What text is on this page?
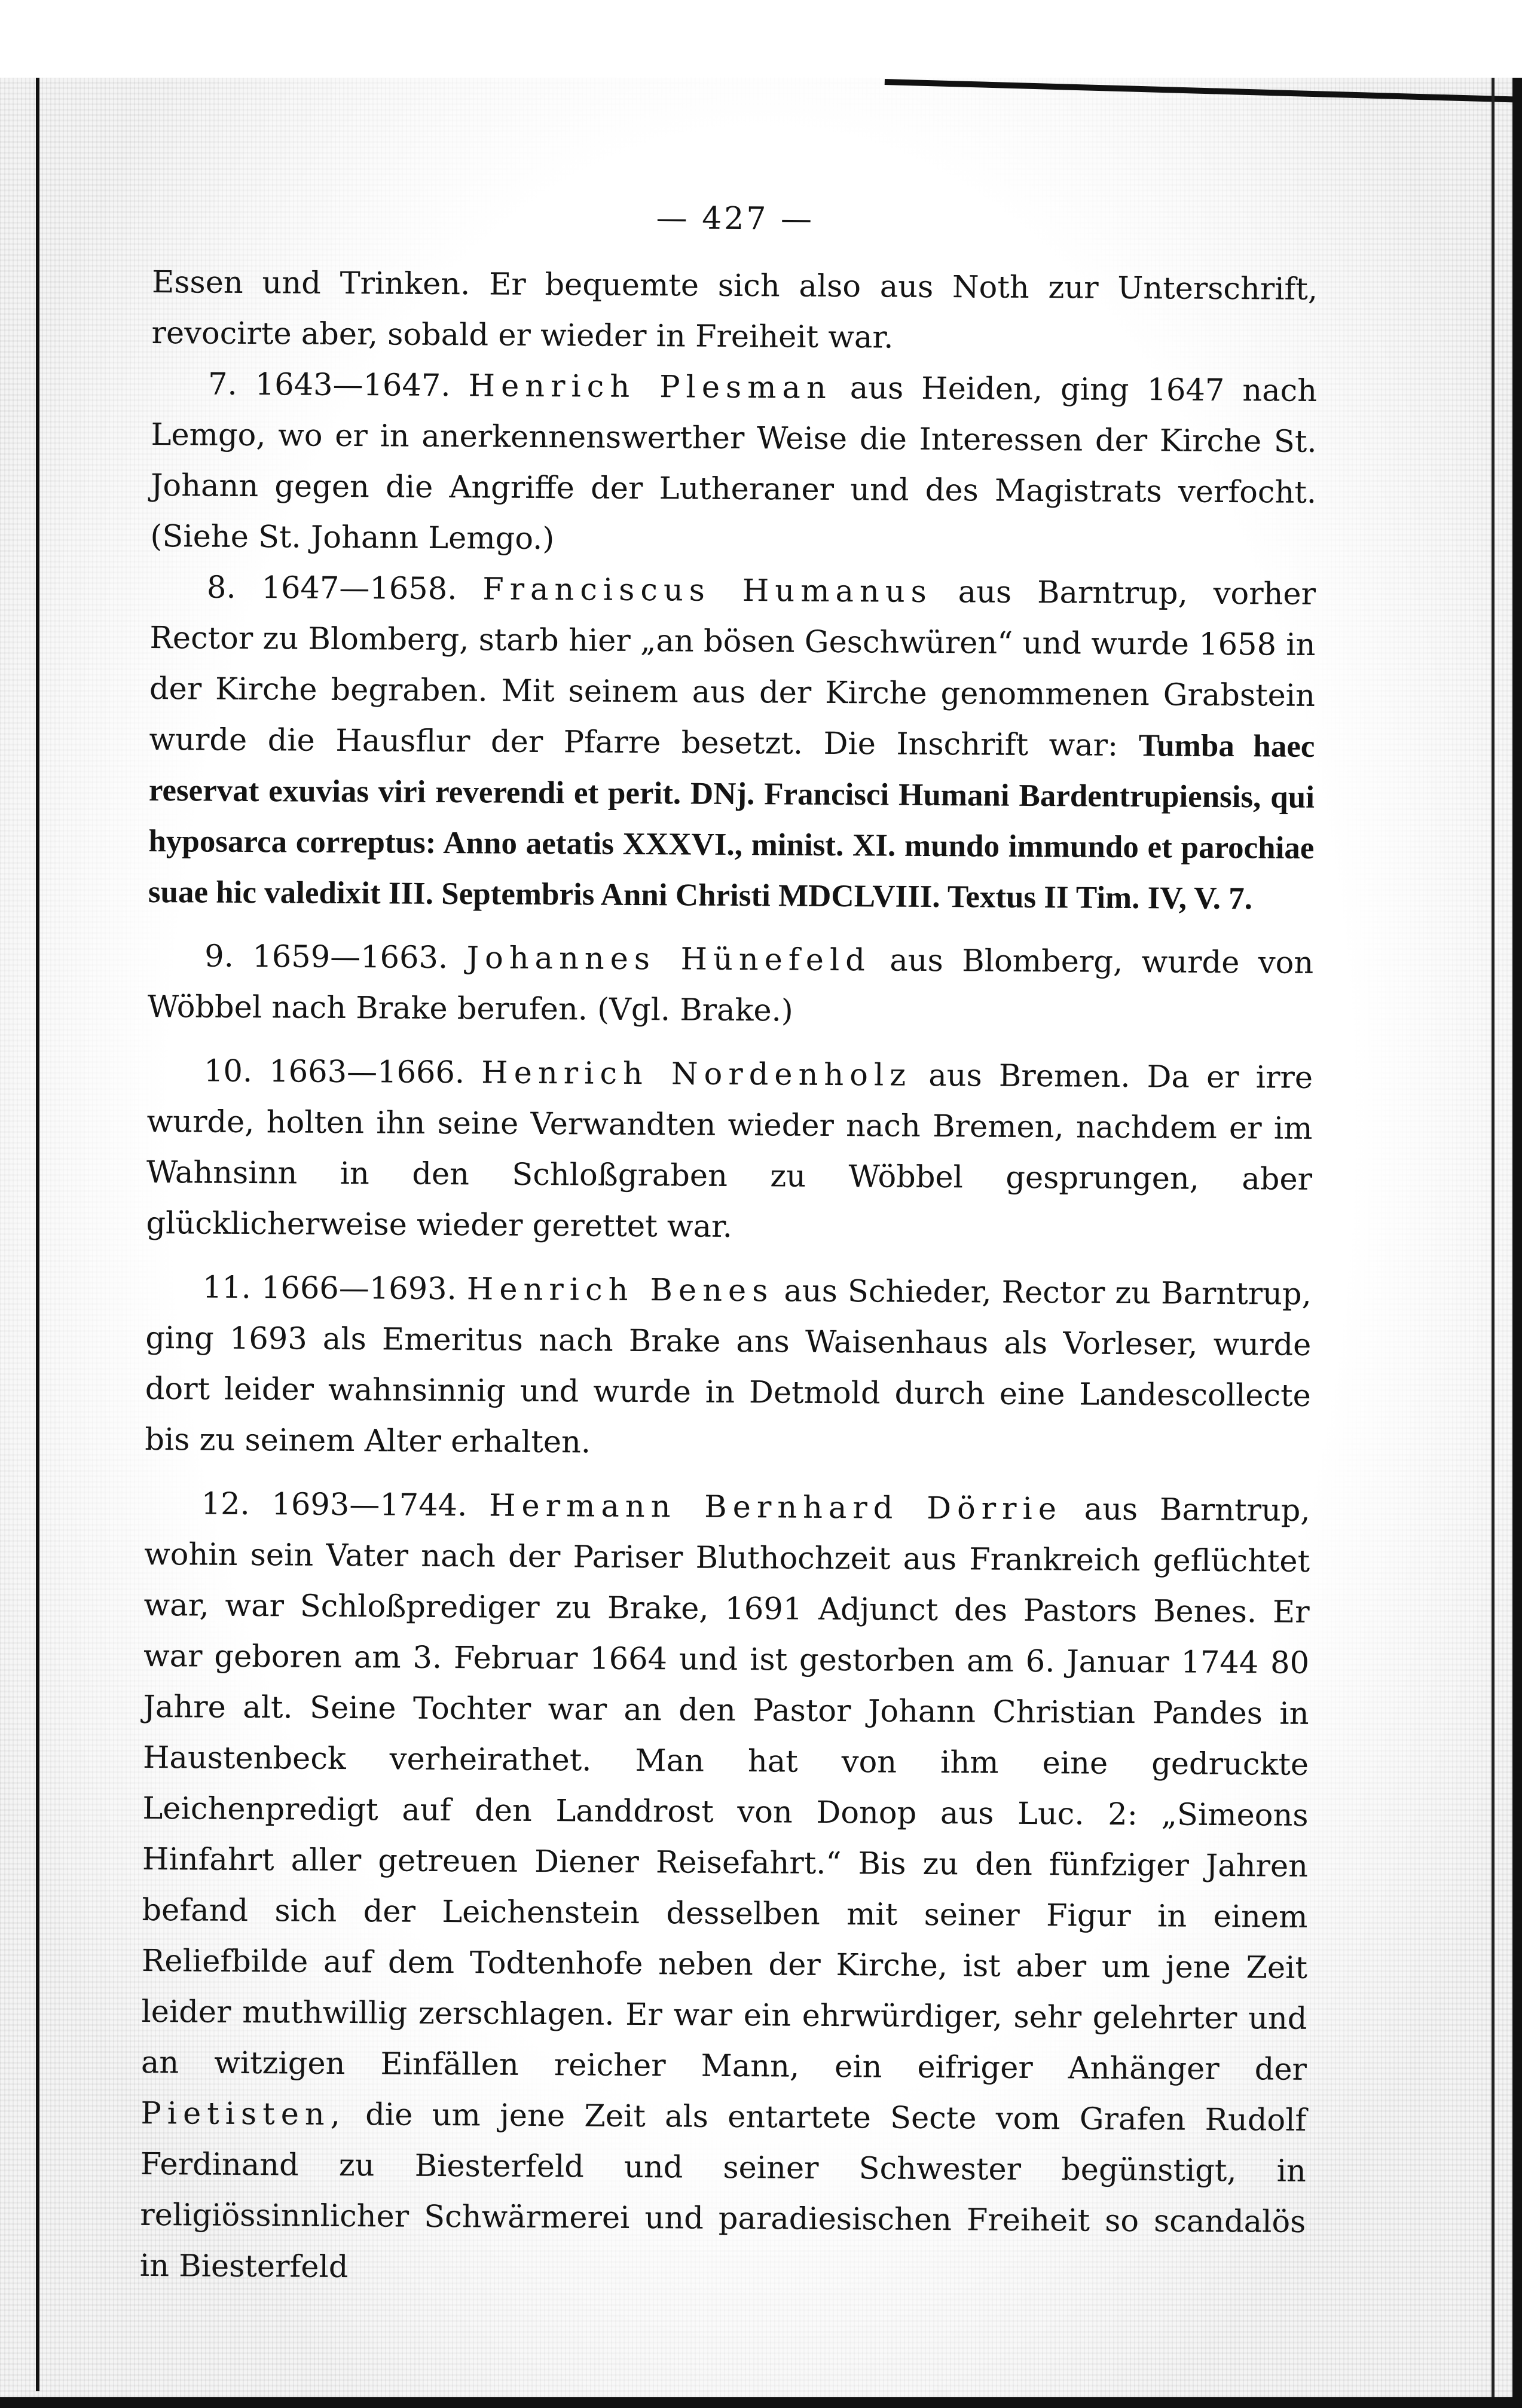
— 427 —

Essen und Trinken. Er bequemte sich also aus Noth zur Unterschrift, revocirte aber, sobald er wieder in Freiheit war.

7. 1643—1647. Henrich Plesman aus Heiden, ging 1647 nach Lemgo, wo er in anerkennenswerther Weise die Interessen der Kirche St. Johann gegen die Angriffe der Lutheraner und des Magistrats verfocht. (Siehe St. Johann Lemgo.)

8. 1647—1658. Franciscus Humanus aus Barntrup, vorher Rector zu Blomberg, starb hier „an bösen Geschwüren“ und wurde 1658 in der Kirche begraben. Mit seinem aus der Kirche genommenen Grabstein wurde die Hausflur der Pfarre besetzt. Die Inschrift war: Tumba haec reservat exuvias viri reverendi et perit. DNj. Francisci Humani Bardentrupiensis, qui hyposarca correptus: Anno aetatis XXXVI., minist. XI. mundo immundo et parochiae suae hic valedixit III. Septembris Anni Christi MDCLVIII. Textus II Tim. IV, V. 7.

9. 1659—1663. Johannes Hünefeld aus Blomberg, wurde von Wöbbel nach Brake berufen. (Vgl. Brake.)

10. 1663—1666. Henrich Nordenholz aus Bremen. Da er irre wurde, holten ihn seine Verwandten wieder nach Bremen, nachdem er im Wahnsinn in den Schloßgraben zu Wöbbel gesprungen, aber glücklicherweise wieder gerettet war.

11. 1666—1693. Henrich Benes aus Schieder, Rector zu Barntrup, ging 1693 als Emeritus nach Brake ans Waisenhaus als Vorleser, wurde dort leider wahnsinnig und wurde in Detmold durch eine Landescollecte bis zu seinem Alter erhalten.

12. 1693—1744. Hermann Bernhard Dörrie aus Barntrup, wohin sein Vater nach der Pariser Bluthochzeit aus Frankreich geflüchtet war, war Schloßprediger zu Brake, 1691 Adjunct des Pastors Benes. Er war geboren am 3. Februar 1664 und ist gestorben am 6. Januar 1744 80 Jahre alt. Seine Tochter war an den Pastor Johann Christian Pandes in Haustenbeck verheirathet. Man hat von ihm eine gedruckte Leichenpredigt auf den Landdrost von Donop aus Luc. 2: „Simeons Hinfahrt aller getreuen Diener Reisefahrt.“ Bis zu den fünfziger Jahren befand sich der Leichenstein desselben mit seiner Figur in einem Reliefbilde auf dem Todtenhofe neben der Kirche, ist aber um jene Zeit leider muthwillig zerschlagen. Er war ein ehrwürdiger, sehr gelehrter und an witzigen Einfällen reicher Mann, ein eifriger Anhänger der Pietisten, die um jene Zeit als entartete Secte vom Grafen Rudolf Ferdinand zu Biesterfeld und seiner Schwester begünstigt, in religiössinnlicher Schwärmerei und paradiesischen Freiheit so scandalös in Biesterfeld
